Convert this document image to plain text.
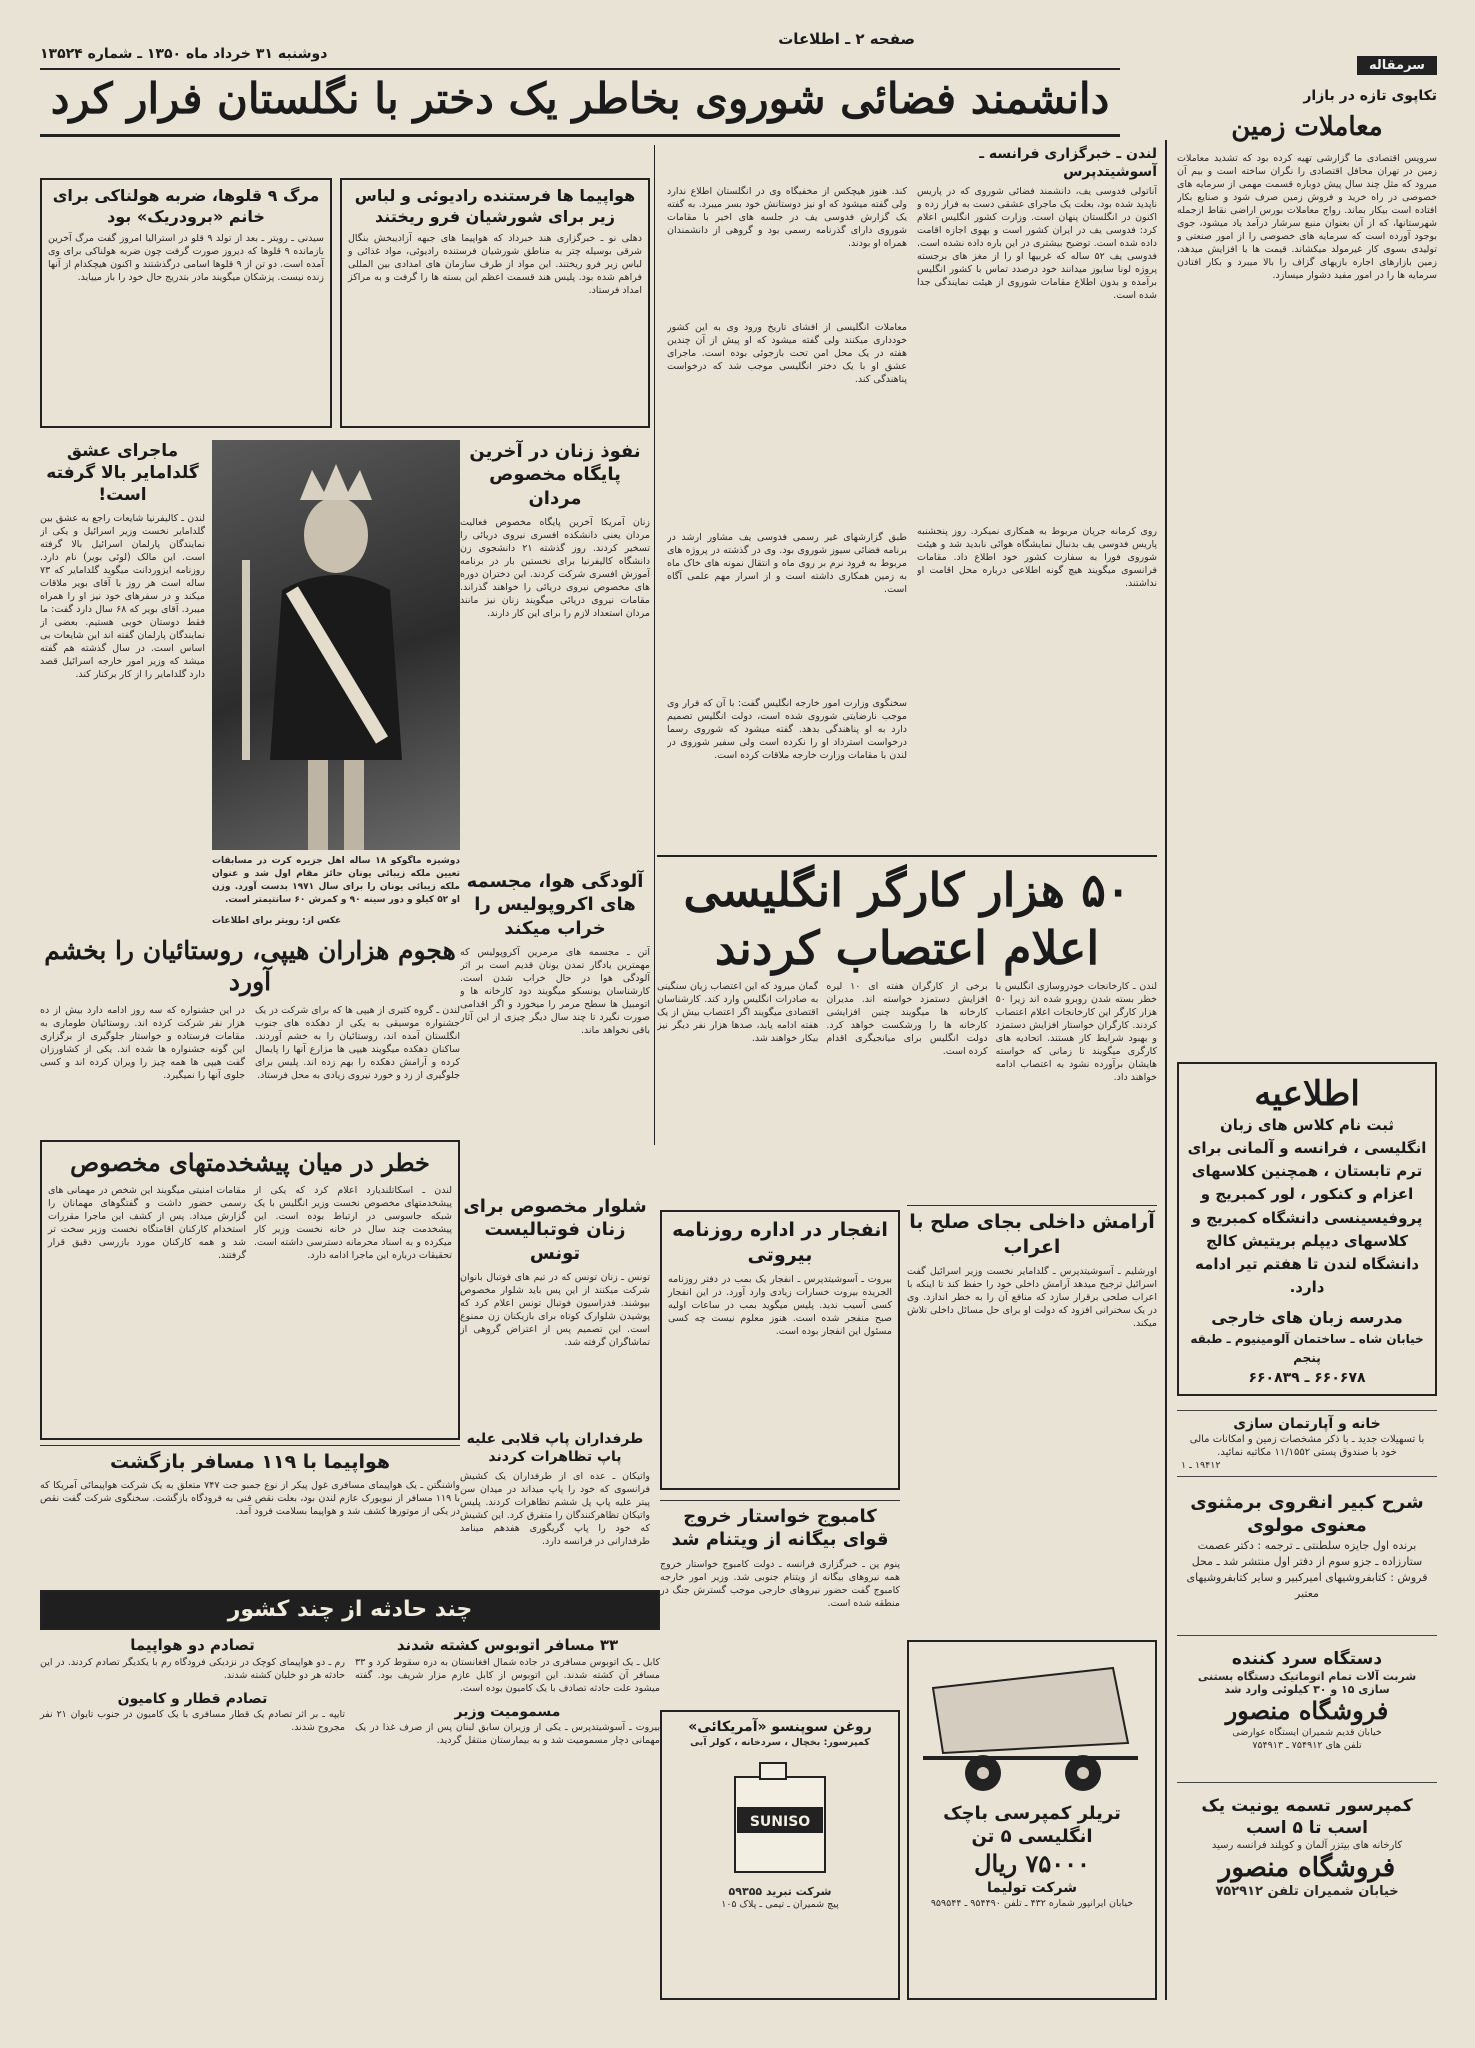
صفحه ۲ ـ اطلاعات
دوشنبه ۳۱ خرداد ماه ۱۳۵۰ ـ شماره ۱۳۵۲۴
دانشمند فضائی شوروی بخاطر یک دختر با نگلستان فرار کرد
سرمقاله
تکاپوی تازه در بازار
معاملات زمین
سرویس اقتصادی ما گزارشی تهیه کرده بود که تشدید معاملات زمین در تهران محافل اقتصادی را نگران ساخته است و بیم آن میرود که مثل چند سال پیش دوباره قسمت مهمی از سرمایه های خصوصی در راه خرید و فروش زمین صرف شود و صنایع بکار افتاده است بیکار بماند. رواج معاملات بورس اراضی نقاط ازجمله شهرستانها، که از آن بعنوان منبع سرشار درآمد یاد میشود، جوی بوجود آورده است که سرمایه های خصوصی را از امور صنعتی و تولیدی بسوی کار غیرمولد میکشاند. قیمت ها با افزایش میدهد، زمین بازارهای اجاره بازیهای گزاف را بالا میبرد و بکار افتادن سرمایه ها را در امور مفید دشوار میسازد.
اطلاعیه
ثبت نام کلاس های زبان انگلیسی ، فرانسه و آلمانی برای ترم تابستان ، همچنین کلاسهای اعزام و کنکور ، لور کمبریج و پروفیسینسی دانشگاه کمبریج و کلاسهای دیپلم بریتیش کالج دانشگاه لندن تا هفتم تیر ادامه دارد.
مدرسه زبان های خارجی
خیابان شاه ـ ساختمان آلومینیوم ـ طبقه پنجم
۶۶۰۶۷۸ ـ ۶۶۰۸۳۹
خانه و آپارتمان سازی
با تسهیلات جدید ـ با ذکر مشخصات زمین و امکانات مالی خود با صندوق پستی ۱۱/۱۵۵۲ مکاتبه نمائید.
۱۹۴۱۲ ـ ۱
شرح کبیر انقروی برمثنوی معنوی مولوی
برنده اول جایزه سلطنتی ـ ترجمه : دکتر عصمت ستارزاده ـ جزو سوم از دفتر اول منتشر شد ـ محل فروش : کتابفروشیهای امیرکبیر و سایر کتابفروشیهای معتبر
دستگاه سرد کننده
شربت آلات تمام اتوماتیک دستگاه بستنی سازی ۱۵ و ۳۰ کیلوئی وارد شد
فروشگاه منصور
خیابان قدیم شمیران ایستگاه عوارضی
تلفن های ۷۵۴۹۱۲ ـ ۷۵۴۹۱۳
کمپرسور تسمه یونیت یک اسب تا ۵ اسب
کارخانه های بیتزر آلمان و کوپلند فرانسه رسید
فروشگاه منصور
خیابان شمیران تلفن ۷۵۲۹۱۲
لندن ـ خبرگزاری فرانسه ـ آسوشیتدپرس
آناتولی فدوسی یف، دانشمند فضائی شوروی که در پاریس ناپدید شده بود، بعلت یک ماجرای عشقی دست به فرار زده و اکنون در انگلستان پنهان است. وزارت کشور انگلیس اعلام کرد: فدوسی یف در ایران کشور است و بهوی اجازه اقامت داده شده است. توضیح بیشتری در این باره داده نشده است. فدوسی یف ۵۲ ساله که غربیها او را از مغز های برجسته پروژه لونا سایوز میدانند خود درصدد تماس با کشور انگلیس برآمده و بدون اطلاع مقامات شوروی از هیئت نمایندگی جدا شده است.
روی کرمانه جریان مربوط به همکاری نمیکرد. روز پنجشنبه پاریس فدوسی یف بدنبال نمایشگاه هوائی نابدید شد و هیئت شوروی فورا به سفارت کشور خود اطلاع داد. مقامات فرانسوی میگویند هیچ گونه اطلاعی درباره محل اقامت او نداشتند.
کند. هنوز هیچکس از مخفیگاه وی در انگلستان اطلاع ندارد ولی گفته میشود که او نیز دوستانش خود بسر میبرد. به گفته یک گزارش فدوسی یف در جلسه های اخیر با مقامات شوروی دارای گذرنامه رسمی بود و گروهی از دانشمندان همراه او بودند.
معاملات انگلیسی از افشای تاریخ ورود وی به این کشور خودداری میکنند ولی گفته میشود که او پیش از آن چندین هفته در یک محل امن تحت بازجوئی بوده است. ماجرای عشق او با یک دختر انگلیسی موجب شد که درخواست پناهندگی کند.
طبق گزارشهای غیر رسمی فدوسی یف مشاور ارشد در برنامه فضائی سیوز شوروی بود. وی در گذشته در پروژه های مربوط به فرود نرم بر روی ماه و انتقال نمونه های خاک ماه به زمین همکاری داشته است و از اسرار مهم علمی آگاه است.
سخنگوی وزارت امور خارجه انگلیس گفت: با آن که فرار وی موجب نارضایتی شوروی شده است، دولت انگلیس تصمیم دارد به او پناهندگی بدهد. گفته میشود که شوروی رسما درخواست استرداد او را نکرده است ولی سفیر شوروی در لندن با مقامات وزارت خارجه ملاقات کرده است.
هواپیما ها فرستنده رادیوئی و لباس زیر برای شورشیان فرو ریختند
دهلی نو ـ خبرگزاری هند خبرداد که هواپیما های جبهه آزادیبخش بنگال شرقی بوسیله چتر به مناطق شورشیان فرستنده رادیوئی، مواد غذائی و لباس زیر فرو ریختند. این مواد از طرف سازمان های امدادی بین المللی فراهم شده بود. پلیس هند قسمت اعظم این بسته ها را گرفت و به مراکز امداد فرستاد.
مرگ ۹ قلوها، ضربه هولناکی برای خانم «برودریک» بود
سیدنی ـ رویتر ـ بعد از تولد ۹ قلو در استرالیا امروز گفت مرگ آخرین بازمانده ۹ قلوها که دیروز صورت گرفت چون ضربه هولناکی برای وی آمده است. دو تن از ۹ قلوها اسامی درگذشتند و اکنون هیچکدام از آنها زنده نیست. پزشکان میگویند مادر بتدریج حال خود را باز مییابد.
نفوذ زنان در آخرین پایگاه مخصوص مردان
زنان آمریکا آخرین پایگاه مخصوص فعالیت مردان یعنی دانشکده افسری نیروی دریائی را تسخیر کردند. روز گذشته ۲۱ دانشجوی زن دانشگاه کالیفرنیا برای نخستین بار در برنامه آموزش افسری شرکت کردند. این دختران دوره های مخصوص نیروی دریائی را خواهند گذراند. مقامات نیروی دریائی میگویند زنان نیز مانند مردان استعداد لازم را برای این کار دارند.
دوشیزه ماگوکو ۱۸ ساله اهل جزیره کرت در مسابقات تعیین ملکه زیبائی یونان حائز مقام اول شد و عنوان ملکه زیبائی یونان را برای سال ۱۹۷۱ بدست آورد. وزن او ۵۲ کیلو و دور سینه ۹۰ و کمرش ۶۰ سانتیمتر است.
عکس از: رویتر برای اطلاعات
ماجرای عشق گلدامایر بالا گرفته است!
لندن ـ کالیفرنیا شایعات راجع به عشق بین گلدامایر نخست وزیر اسرائیل و یکی از نمایندگان پارلمان اسرائیل بالا گرفته است. این مالک (لوئی بویر) نام دارد. روزنامه ایزوردانت میگوید گلدامایر که ۷۳ ساله است هر روز با آقای بویر ملاقات میکند و در سفرهای خود نیز او را همراه میبرد. آقای بویر که ۶۸ سال دارد گفت: ما فقط دوستان خوبی هستیم. بعضی از نمایندگان پارلمان گفته اند این شایعات بی اساس است. در سال گذشته هم گفته میشد که وزیر امور خارجه اسرائیل قصد دارد گلدامایر را از کار برکنار کند.
آلودگی هوا، مجسمه های اکروپولیس را خراب میکند
آتن ـ مجسمه های مرمرین آکروپولیس که مهمترین یادگار تمدن یونان قدیم است بر اثر آلودگی هوا در حال خراب شدن است. کارشناسان یونسکو میگویند دود کارخانه ها و اتومبیل ها سطح مرمر را میخورد و اگر اقدامی صورت نگیرد تا چند سال دیگر چیزی از این آثار باقی نخواهد ماند.
هجوم هزاران هیپی، روستائیان را بخشم آورد
لندن ـ گروه کثیری از هیپی ها که برای شرکت در یک جشنواره موسیقی به یکی از دهکده های جنوب انگلستان آمده اند، روستائیان را به خشم آوردند. ساکنان دهکده میگویند هیپی ها مزارع آنها را پایمال کرده و آرامش دهکده را بهم زده اند. پلیس برای جلوگیری از زد و خورد نیروی زیادی به محل فرستاد.
در این جشنواره که سه روز ادامه دارد بیش از ده هزار نفر شرکت کرده اند. روستائیان طوماری به مقامات فرستاده و خواستار جلوگیری از برگزاری این گونه جشنواره ها شده اند. یکی از کشاورزان گفت هیپی ها همه چیز را ویران کرده اند و کسی جلوی آنها را نمیگیرد.
شلوار مخصوص برای زنان فوتبالیست تونس
تونس ـ زنان تونس که در تیم های فوتبال بانوان شرکت میکنند از این پس باید شلوار مخصوص بپوشند. فدراسیون فوتبال تونس اعلام کرد که پوشیدن شلوارک کوتاه برای بازیکنان زن ممنوع است. این تصمیم پس از اعتراض گروهی از تماشاگران گرفته شد.
خطر در میان پیشخدمتهای مخصوص
لندن ـ اسکاتلندیارد اعلام کرد که یکی از پیشخدمتهای مخصوص نخست وزیر انگلیس با یک شبکه جاسوسی در ارتباط بوده است. این پیشخدمت چند سال در خانه نخست وزیر کار میکرده و به اسناد محرمانه دسترسی داشته است. تحقیقات درباره این ماجرا ادامه دارد.
مقامات امنیتی میگویند این شخص در مهمانی های رسمی حضور داشت و گفتگوهای مهمانان را گزارش میداد. پس از کشف این ماجرا مقررات استخدام کارکنان اقامتگاه نخست وزیر سخت تر شد و همه کارکنان مورد بازرسی دقیق قرار گرفتند.
۵۰ هزار کارگر انگلیسی اعلام اعتصاب کردند
لندن ـ کارخانجات خودروسازی انگلیس با خطر بسته شدن روبرو شده اند زیرا ۵۰ هزار کارگر این کارخانجات اعلام اعتصاب کردند. کارگران خواستار افزایش دستمزد و بهبود شرایط کار هستند. اتحادیه های کارگری میگویند تا زمانی که خواسته هایشان برآورده نشود به اعتصاب ادامه خواهند داد.
برخی از کارگران هفته ای ۱۰ لیره افزایش دستمزد خواسته اند. مدیران کارخانه ها میگویند چنین افزایشی کارخانه ها را ورشکست خواهد کرد. دولت انگلیس برای میانجیگری اقدام کرده است.
گمان میرود که این اعتصاب زیان سنگینی به صادرات انگلیس وارد کند. کارشناسان اقتصادی میگویند اگر اعتصاب بیش از یک هفته ادامه یابد، صدها هزار نفر دیگر نیز بیکار خواهند شد.
آرامش داخلی بجای صلح با اعراب
اورشلیم ـ آسوشیتدپرس ـ گلدامایر نخست وزیر اسرائیل گفت اسرائیل ترجیح میدهد آرامش داخلی خود را حفظ کند تا اینکه با اعراب صلحی برقرار سازد که منافع آن را به خطر اندازد. وی در یک سخنرانی افزود که دولت او برای حل مسائل داخلی تلاش میکند.
انفجار در اداره روزنامه بیروتی
بیروت ـ آسوشیتدپرس ـ انفجار یک بمب در دفتر روزنامه الجریده بیروت خسارات زیادی وارد آورد. در این انفجار کسی آسیب ندید. پلیس میگوید بمب در ساعات اولیه صبح منفجر شده است. هنوز معلوم نیست چه کسی مسئول این انفجار بوده است.
کامبوج خواستار خروج قوای بیگانه از ویتنام شد
پنوم پن ـ خبرگزاری فرانسه ـ دولت کامبوج خواستار خروج همه نیروهای بیگانه از ویتنام جنوبی شد. وزیر امور خارجه کامبوج گفت حضور نیروهای خارجی موجب گسترش جنگ در منطقه شده است.
هواپیما با ۱۱۹ مسافر بازگشت
واشنگتن ـ یک هواپیمای مسافری غول پیکر از نوع جمبو جت ۷۴۷ متعلق به یک شرکت هواپیمائی آمریکا که با ۱۱۹ مسافر از نیویورک عازم لندن بود، بعلت نقص فنی به فرودگاه بازگشت. سخنگوی شرکت گفت نقص در یکی از موتورها کشف شد و هواپیما بسلامت فرود آمد.
طرفداران پاپ قلابی علیه پاپ تظاهرات کردند
واتیکان ـ عده ای از طرفداران یک کشیش فرانسوی که خود را پاپ میداند در میدان سن پیتر علیه پاپ پل ششم تظاهرات کردند. پلیس واتیکان تظاهرکنندگان را متفرق کرد. این کشیش که خود را پاپ گریگوری هفدهم مینامد طرفدارانی در فرانسه دارد.
چند حادثه از چند کشور
۳۳ مسافر اتوبوس کشته شدند
کابل ـ یک اتوبوس مسافری در جاده شمال افغانستان به دره سقوط کرد و ۳۳ مسافر آن کشته شدند. این اتوبوس از کابل عازم مزار شریف بود. گفته میشود علت حادثه تصادف با یک کامیون بوده است.
مسمومیت وزیر
بیروت ـ آسوشیتدپرس ـ یکی از وزیران سابق لبنان پس از صرف غذا در یک مهمانی دچار مسمومیت شد و به بیمارستان منتقل گردید.
تصادم دو هواپیما
رم ـ دو هواپیمای کوچک در نزدیکی فرودگاه رم با یکدیگر تصادم کردند. در این حادثه هر دو خلبان کشته شدند.
تصادم قطار و کامیون
تایپه ـ بر اثر تصادم یک قطار مسافری با یک کامیون در جنوب تایوان ۲۱ نفر مجروح شدند.	روغن سوپنسو «آمریکائی»
کمپرسور: بخچال ، سردخانه ، کولر آبی
SUNISO
شرکت تبرید ۵۹۳۵۵
پیچ شمیران ـ تیمی ـ پلاک ۱۰۵
تریلر کمپرسی باچک انگلیسی ۵ تن
۷۵۰۰۰ ریال
شرکت تولیما
خیابان ایرانپور شماره ۴۳۲ ـ تلفن ۹۵۴۴۹۰ ـ ۹۵۹۵۴۴
